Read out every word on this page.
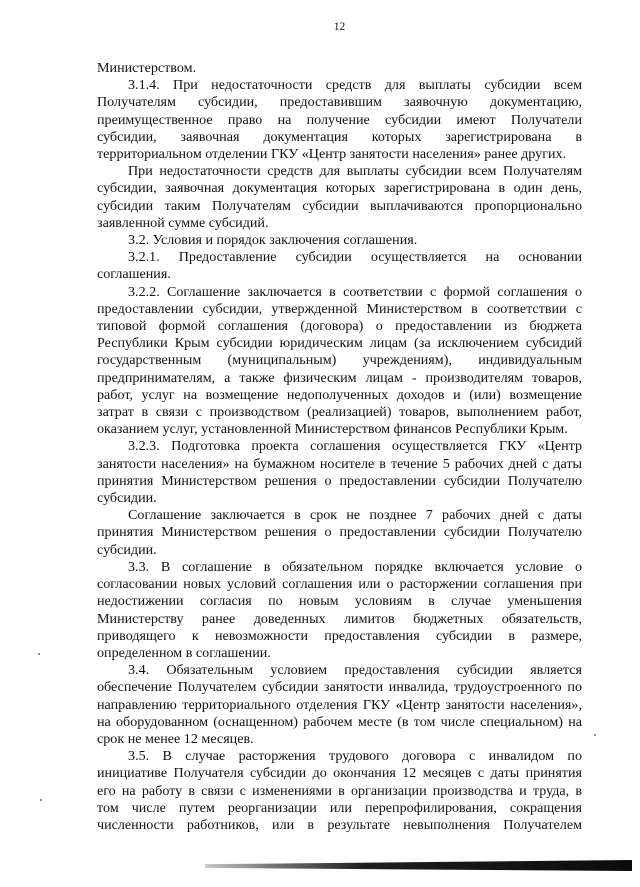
12
Министерством.
3.1.4. При недостаточности средств для выплаты субсидии всем
Получателям субсидии, предоставившим заявочную документацию,
преимущественное право на получение субсидии имеют Получатели
субсидии, заявочная документация которых зарегистрирована в
территориальном отделении ГКУ «Центр занятости населения» ранее других.
При недостаточности средств для выплаты субсидии всем Получателям
субсидии, заявочная документация которых зарегистрирована в один день,
субсидии таким Получателям субсидии выплачиваются пропорционально
заявленной сумме субсидий.
3.2. Условия и порядок заключения соглашения.
3.2.1. Предоставление субсидии осуществляется на основании
соглашения.
3.2.2. Соглашение заключается в соответствии с формой соглашения о
предоставлении субсидии, утвержденной Министерством в соответствии с
типовой формой соглашения (договора) о предоставлении из бюджета
Республики Крым субсидии юридическим лицам (за исключением субсидий
государственным (муниципальным) учреждениям), индивидуальным
предпринимателям, а также физическим лицам - производителям товаров,
работ, услуг на возмещение недополученных доходов и (или) возмещение
затрат в связи с производством (реализацией) товаров, выполнением работ,
оказанием услуг, установленной Министерством финансов Республики Крым.
3.2.3. Подготовка проекта соглашения осуществляется ГКУ «Центр
занятости населения» на бумажном носителе в течение 5 рабочих дней с даты
принятия Министерством решения о предоставлении субсидии Получателю
субсидии.
Соглашение заключается в срок не позднее 7 рабочих дней с даты
принятия Министерством решения о предоставлении субсидии Получателю
субсидии.
3.3. В соглашение в обязательном порядке включается условие о
согласовании новых условий соглашения или о расторжении соглашения при
недостижении согласия по новым условиям в случае уменьшения
Министерству ранее доведенных лимитов бюджетных обязательств,
приводящего к невозможности предоставления субсидии в размере,
определенном в соглашении.
3.4. Обязательным условием предоставления субсидии является
обеспечение Получателем субсидии занятости инвалида, трудоустроенного по
направлению территориального отделения ГКУ «Центр занятости населения»,
на оборудованном (оснащенном) рабочем месте (в том числе специальном) на
срок не менее 12 месяцев.
3.5. В случае расторжения трудового договора с инвалидом по
инициативе Получателя субсидии до окончания 12 месяцев с даты принятия
его на работу в связи с изменениями в организации производства и труда, в
том числе путем реорганизации или перепрофилирования, сокращения
численности работников, или в результате невыполнения Получателем
